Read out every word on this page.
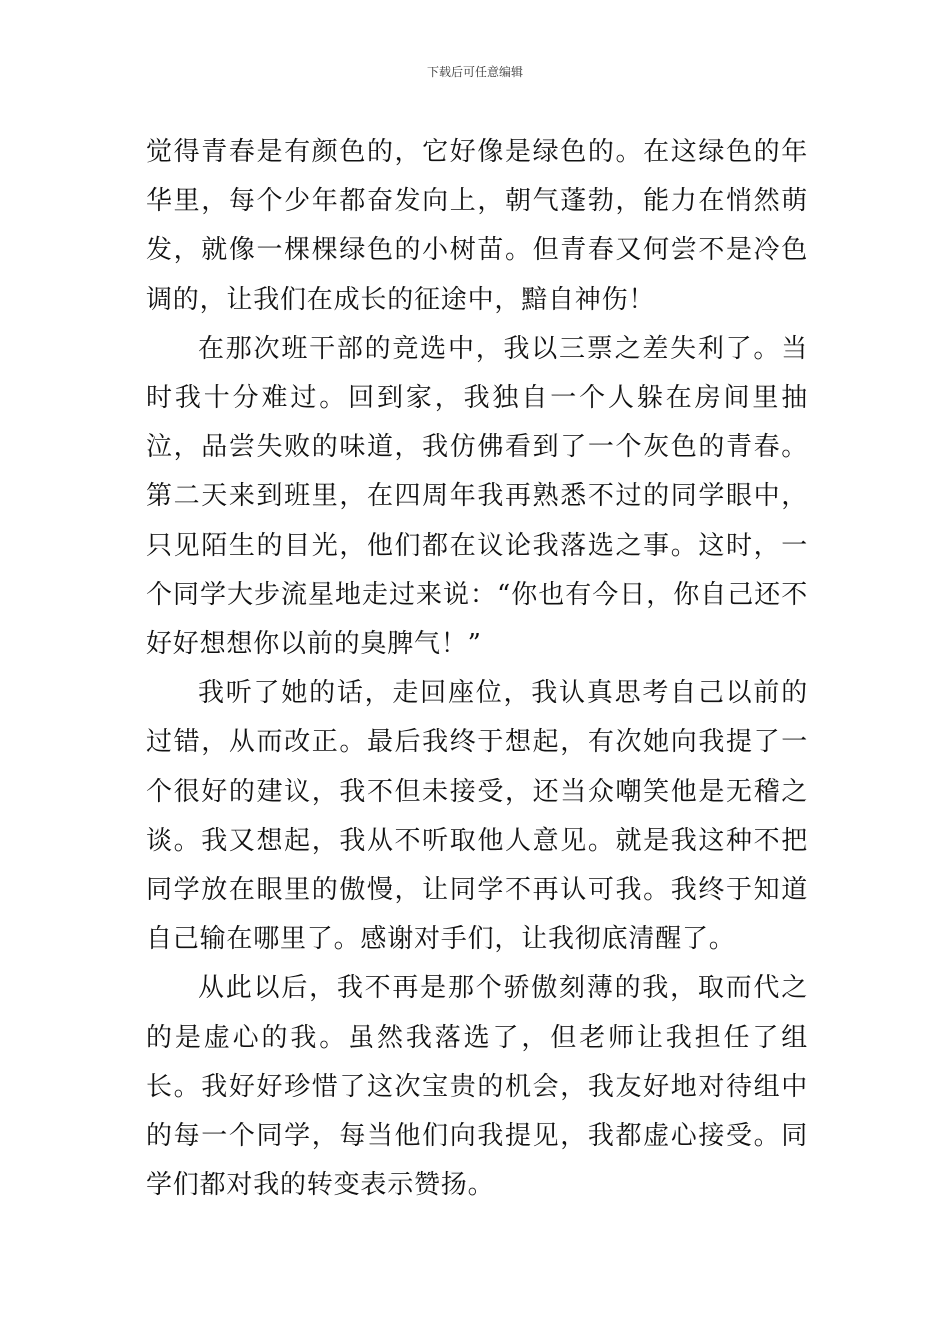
下载后可任意编辑

觉得青春是有颜色的，它好像是绿色的。在这绿色的年华里，每个少年都奋发向上，朝气蓬勃，能力在悄然萌发，就像一棵棵绿色的小树苗。但青春又何尝不是冷色调的，让我们在成长的征途中，黯自神伤！

在那次班干部的竞选中，我以三票之差失利了。当时我十分难过。回到家，我独自一个人躲在房间里抽泣，品尝失败的味道，我仿佛看到了一个灰色的青春。第二天来到班里，在四周年我再熟悉不过的同学眼中，只见陌生的目光，他们都在议论我落选之事。这时，一个同学大步流星地走过来说：“你也有今日，你自己还不好好想想你以前的臭脾气！”

我听了她的话，走回座位，我认真思考自己以前的过错，从而改正。最后我终于想起，有次她向我提了一个很好的建议，我不但未接受，还当众嘲笑他是无稽之谈。我又想起，我从不听取他人意见。就是我这种不把同学放在眼里的傲慢，让同学不再认可我。我终于知道自己输在哪里了。感谢对手们，让我彻底清醒了。

从此以后，我不再是那个骄傲刻薄的我，取而代之的是虚心的我。虽然我落选了，但老师让我担任了组长。我好好珍惜了这次宝贵的机会，我友好地对待组中的每一个同学，每当他们向我提见，我都虚心接受。同学们都对我的转变表示赞扬。
